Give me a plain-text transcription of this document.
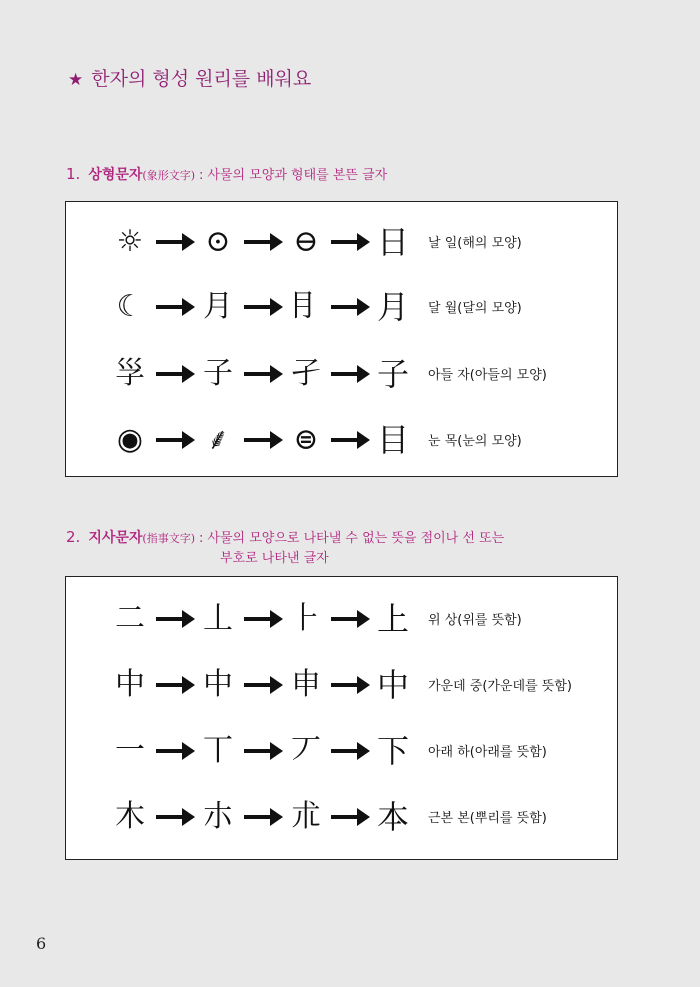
★ 한자의 형성 원리를 배워요
1. 상형문자(象形文字) : 사물의 모양과 형태를 본뜬 글자
☼	⊙	⊖ 日	날 일(해의 모양)
☾ 月 ⺝ 月	달 월(달의 모양)
㜽 子 孑 子	아들 자(아들의 모양)
◉	⸙	⊜ 目	눈 목(눈의 모양)
2. 지사문자(指事文字) : 사물의 모양으로 나타낼 수 없는 뜻을 점이나 선 또는
부호로 나타낸 글자
⼆ 丄 ⺊ 上	위 상(위를 뜻함)
中 中 申 中	가운데 중(가운데를 뜻함)
⼀ 丅 丆 下	아래 하(아래를 뜻함)
木 朩 朮 本	근본 본(뿌리를 뜻함)
6
